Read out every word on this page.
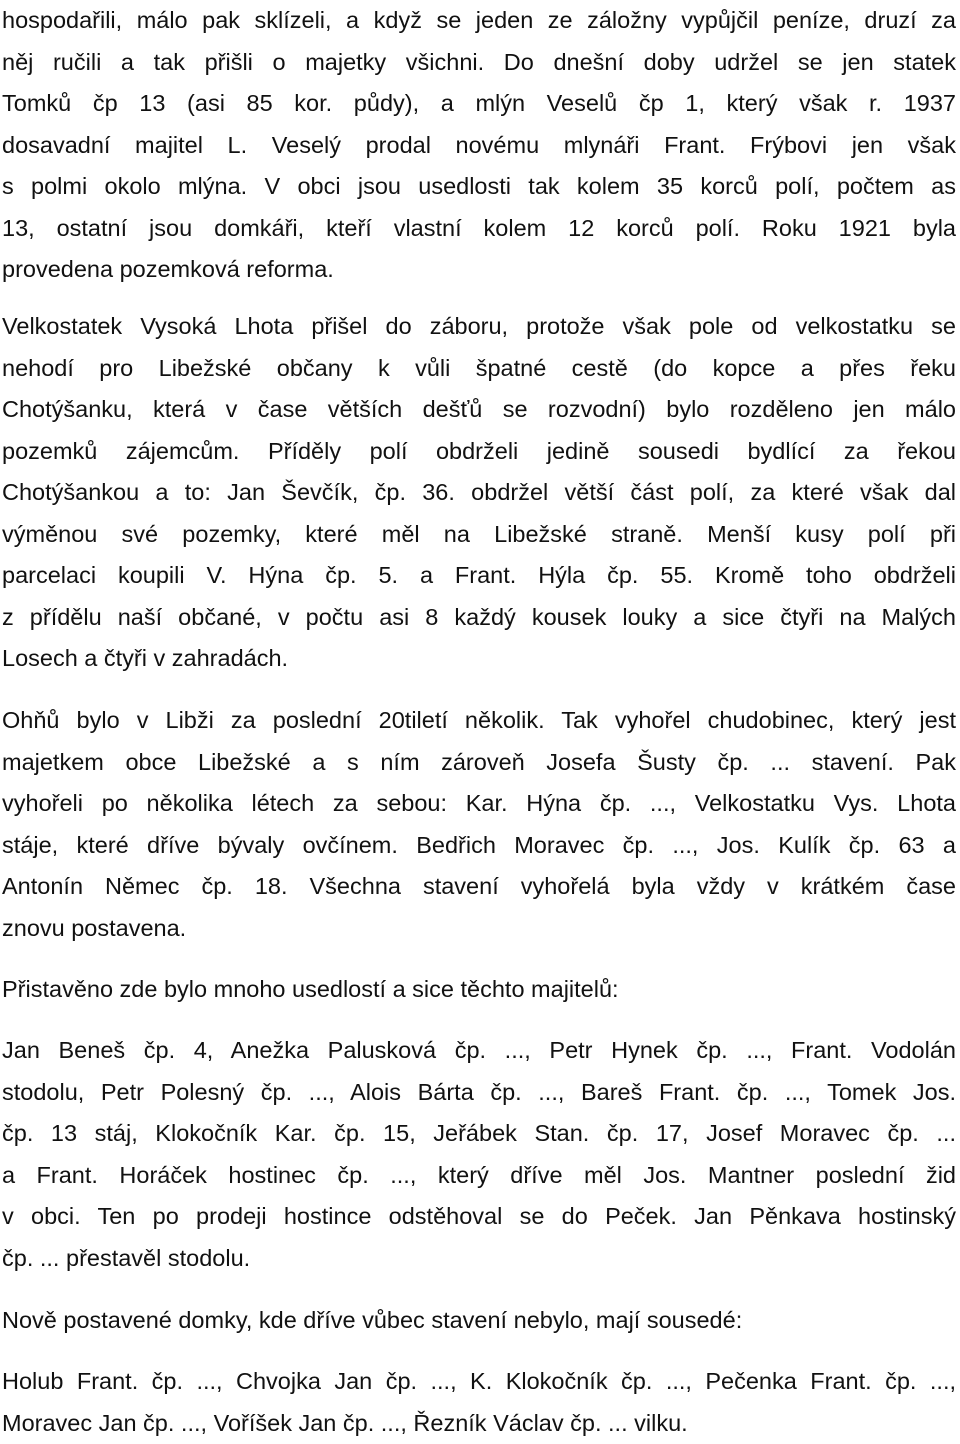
hospodařili, málo pak sklízeli, a když se jeden ze záložny vypůjčil peníze, druzí za
něj ručili a tak přišli o majetky všichni. Do dnešní doby udržel se jen statek
Tomků čp 13 (asi 85 kor. půdy), a mlýn Veselů čp 1, který však r. 1937
dosavadní majitel L. Veselý prodal novému mlynáři Frant. Frýbovi jen však
s polmi okolo mlýna. V obci jsou usedlosti tak kolem 35 korců polí, počtem as
13, ostatní jsou domkáři, kteří vlastní kolem 12 korců polí. Roku 1921 byla
provedena pozemková reforma.

Velkostatek Vysoká Lhota přišel do záboru, protože však pole od velkostatku se
nehodí pro Libežské občany k vůli špatné cestě (do kopce a přes řeku
Chotýšanku, která v čase větších dešťů se rozvodní) bylo rozděleno jen málo
pozemků zájemcům. Příděly polí obdrželi jedině sousedi bydlící za řekou
Chotýšankou a to: Jan Ševčík, čp. 36. obdržel větší část polí, za které však dal
výměnou své pozemky, které měl na Libežské straně. Menší kusy polí při
parcelaci koupili V. Hýna čp. 5. a Frant. Hýla čp. 55. Kromě toho obdrželi
z přídělu naší občané, v počtu asi 8 každý kousek louky a sice čtyři na Malých
Losech a čtyři v zahradách.

Ohňů bylo v Libži za poslední 20tiletí několik. Tak vyhořel chudobinec, který jest
majetkem obce Libežské a s ním zároveň Josefa Šusty čp. ... stavení. Pak
vyhořeli po několika létech za sebou: Kar. Hýna čp. ..., Velkostatku Vys. Lhota
stáje, které dříve bývaly ovčínem. Bedřich Moravec čp. ..., Jos. Kulík čp. 63 a
Antonín Němec čp. 18. Všechna stavení vyhořelá byla vždy v krátkém čase
znovu postavena.

Přistavěno zde bylo mnoho usedlostí a sice těchto majitelů:

Jan Beneš čp. 4, Anežka Palusková čp. ..., Petr Hynek čp. ..., Frant. Vodolán
stodolu, Petr Polesný čp. ..., Alois Bárta čp. ..., Bareš Frant. čp. ..., Tomek Jos.
čp. 13 stáj, Klokočník Kar. čp. 15, Jeřábek Stan. čp. 17, Josef Moravec čp. ...
a Frant. Horáček hostinec čp. ..., který dříve měl Jos. Mantner poslední žid
v obci. Ten po prodeji hostince odstěhoval se do Peček. Jan Pěnkava hostinský
čp. ... přestavěl stodolu.

Nově postavené domky, kde dříve vůbec stavení nebylo, mají sousedé:

Holub Frant. čp. ..., Chvojka Jan čp. ..., K. Klokočník čp. ..., Pečenka Frant. čp. ...,
Moravec Jan čp. ..., Voříšek Jan čp. ..., Řezník Václav čp. ... vilku.
